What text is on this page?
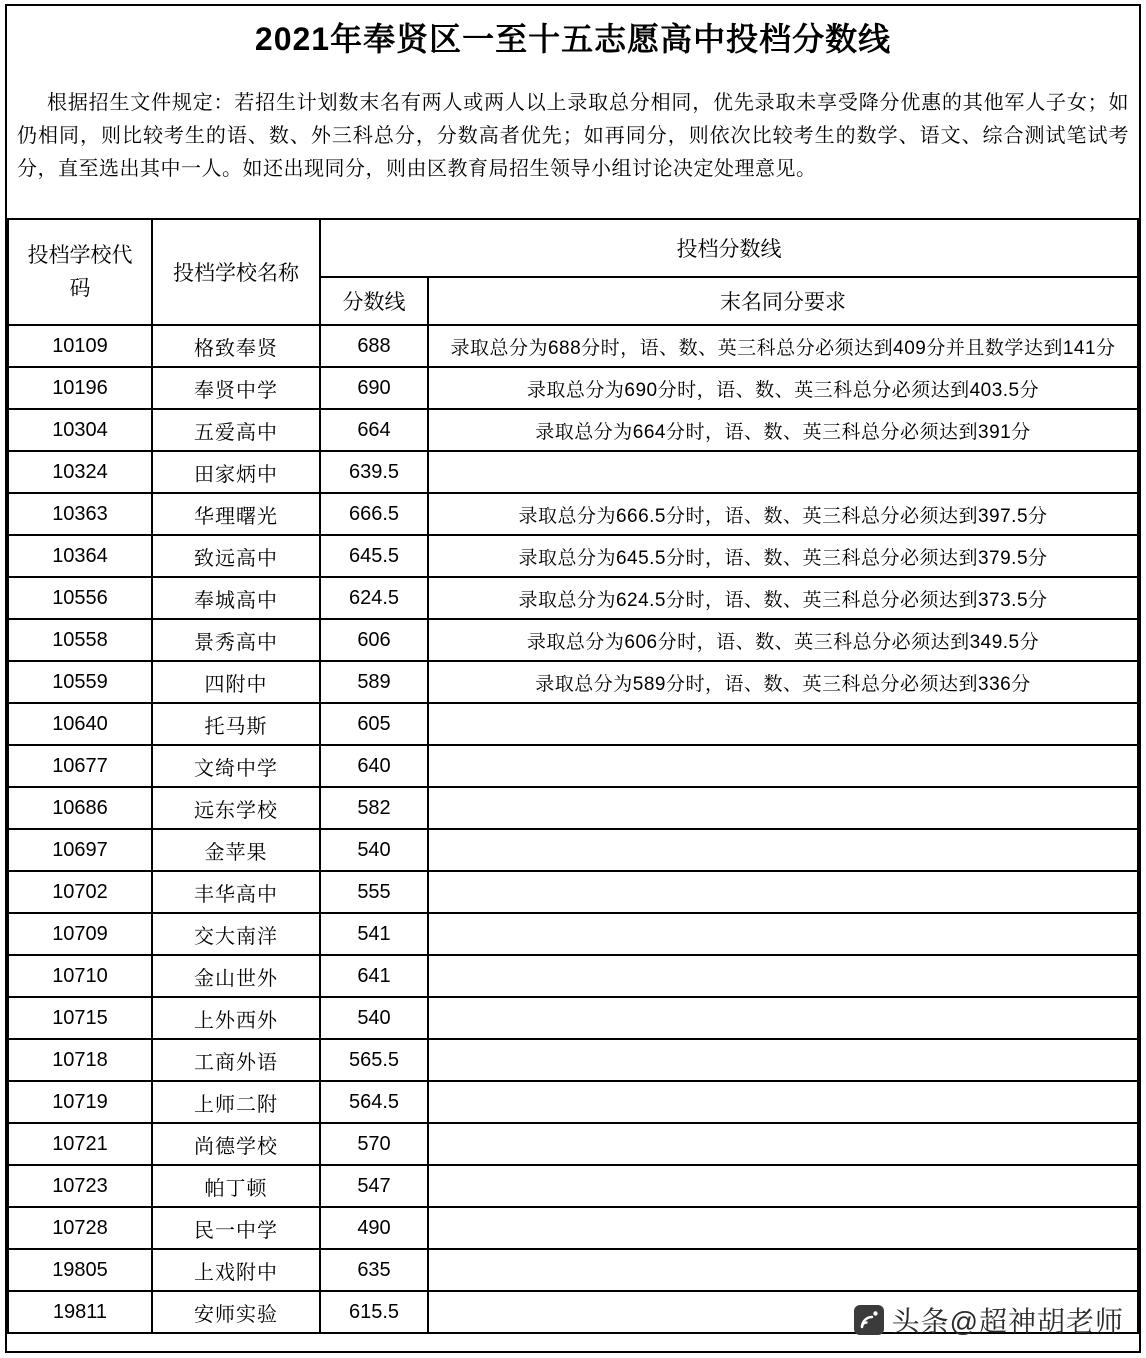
2021年奉贤区一至十五志愿高中投档分数线

根据招生文件规定：若招生计划数末名有两人或两人以上录取总分相同，优先录取未享受降分优惠的其他军人子女；如仍相同，则比较考生的语、数、外三科总分，分数高者优先；如再同分，则依次比较考生的数学、语文、综合测试笔试考分，直至选出其中一人。如还出现同分，则由区教育局招生领导小组讨论决定处理意见。

投档学校代码	投档学校名称	投档分数线	
		分数线	末名同分要求
10109	格致奉贤	688	录取总分为688分时，语、数、英三科总分必须达到409分并且数学达到141分
10196	奉贤中学	690	录取总分为690分时，语、数、英三科总分必须达到403.5分
10304	五爱高中	664	录取总分为664分时，语、数、英三科总分必须达到391分
10324	田家炳中	639.5	
10363	华理曙光	666.5	录取总分为666.5分时，语、数、英三科总分必须达到397.5分
10364	致远高中	645.5	录取总分为645.5分时，语、数、英三科总分必须达到379.5分
10556	奉城高中	624.5	录取总分为624.5分时，语、数、英三科总分必须达到373.5分
10558	景秀高中	606	录取总分为606分时，语、数、英三科总分必须达到349.5分
10559	四附中	589	录取总分为589分时，语、数、英三科总分必须达到336分
10640	托马斯	605	
10677	文绮中学	640	
10686	远东学校	582	
10697	金苹果	540	
10702	丰华高中	555	
10709	交大南洋	541	
10710	金山世外	641	
10715	上外西外	540	
10718	工商外语	565.5	
10719	上师二附	564.5	
10721	尚德学校	570	
10723	帕丁顿	547	
10728	民一中学	490	
19805	上戏附中	635	
19811	安师实验	615.5		头条@超神胡老师
